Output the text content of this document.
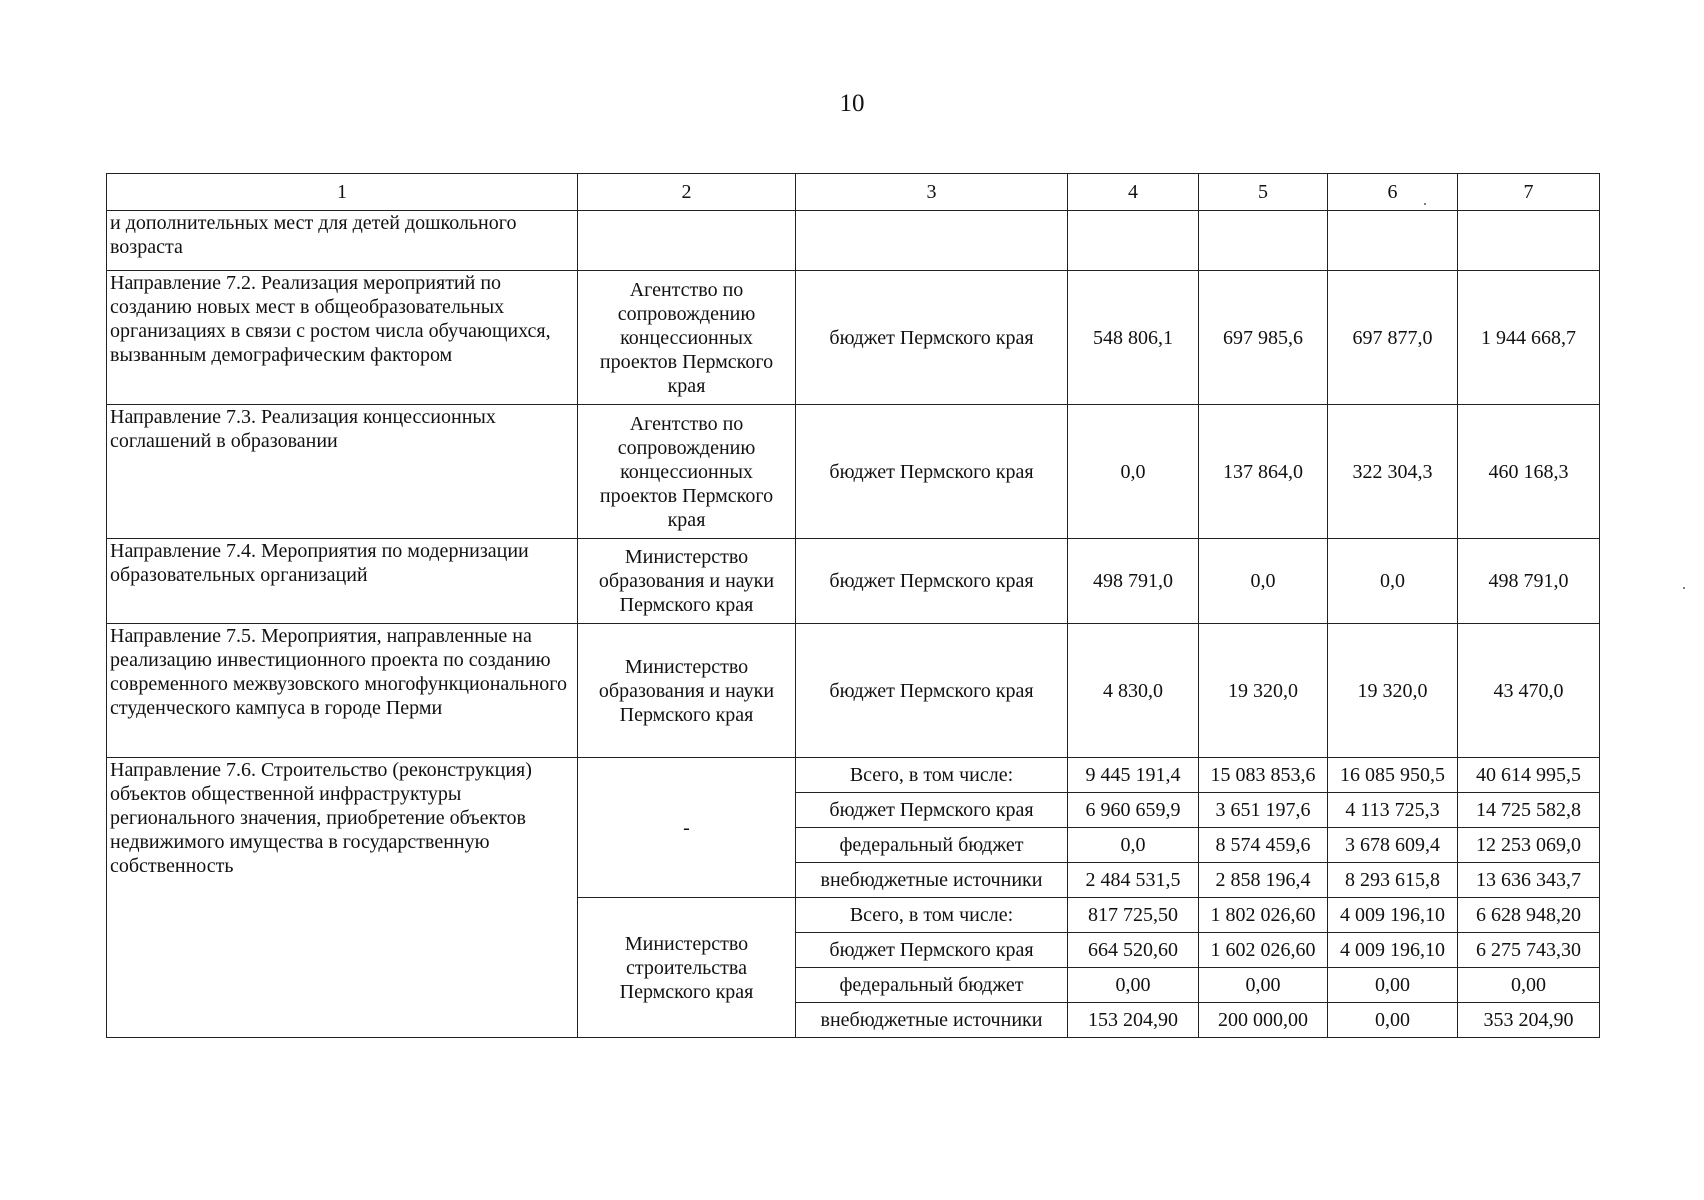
10
1	2	3	4	5	6	7
и дополнительных мест для детей дошкольного возраста						
Направление 7.2. Реализация мероприятий по созданию новых мест в общеобразовательных организациях в связи с ростом числа обучающихся, вызванным демографическим фактором	Агентство по сопровождению концессионных проектов Пермского края	бюджет Пермского края	548 806,1	697 985,6	697 877,0	1 944 668,7
Направление 7.3. Реализация концессионных соглашений в образовании	Агентство по сопровождению концессионных проектов Пермского края	бюджет Пермского края	0,0	137 864,0	322 304,3	460 168,3
Направление 7.4. Мероприятия по модернизации образовательных организаций	Министерство образования и науки Пермского края	бюджет Пермского края	498 791,0	0,0	0,0	498 791,0
Направление 7.5. Мероприятия, направленные на реализацию инвестиционного проекта по созданию современного межвузовского многофункционального студенческого кампуса в городе Перми	Министерство образования и науки Пермского края	бюджет Пермского края	4 830,0	19 320,0	19 320,0	43 470,0
Направление 7.6. Строительство (реконструкция) объектов общественной инфраструктуры регионального значения, приобретение объектов недвижимого имущества в государственную собственность	-	Всего, в том числе:	9 445 191,4	15 083 853,6	16 085 950,5	40 614 995,5
		бюджет Пермского края	6 960 659,9	3 651 197,6	4 113 725,3	14 725 582,8
		федеральный бюджет	0,0	8 574 459,6	3 678 609,4	12 253 069,0
		внебюджетные источники	2 484 531,5	2 858 196,4	8 293 615,8	13 636 343,7
	Министерство строительства Пермского края	Всего, в том числе:	817 725,50	1 802 026,60	4 009 196,10	6 628 948,20
		бюджет Пермского края	664 520,60	1 602 026,60	4 009 196,10	6 275 743,30
		федеральный бюджет	0,00	0,00	0,00	0,00
		внебюджетные источники	153 204,90	200 000,00	0,00	353 204,90
